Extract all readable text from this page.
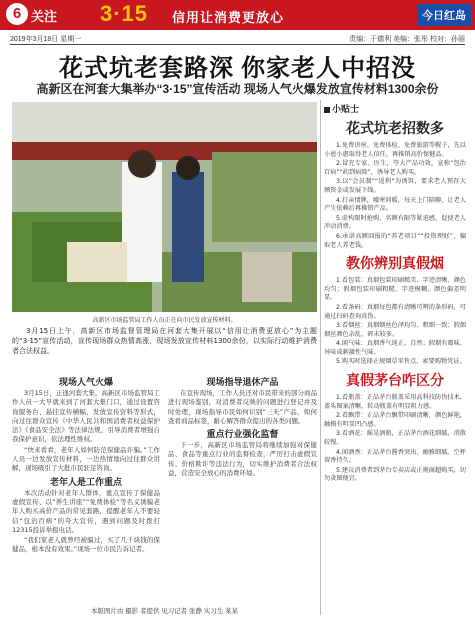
6 关注 3·15 信用让消费更放心	今日红岛
2019年3月18日 星期一	责编：于德利 美编：张彤 校对：孙丽
花式坑老套路深 你家老人中招没
高新区在河套大集举办“3·15”宣传活动 现场人气火爆发放宣传材料1300余份
高新区市场监管局工作人员正在向市民发放宣传材料。
3月15日上午，高新区市场监督管理局在河套大集开展以“信用让消费更放心”为主题的“3·15”宣传活动，宣传现场群众热情高涨，现场发放宣传材料1300余份，以实际行动维护消费者合法权益。

现场人气火爆

3月15日，正逢河套大集，高新区市场监管局工作人员一大早就来到了河套大集门口，通过设置咨询服务台、悬挂宣传横幅、发放宣传资料等形式，向过往群众宣传《中华人民共和国消费者权益保护法》《食品安全法》等法律法规，引导消费者增强自我保护意识，依法理性维权。

“快来看看，老年人如何防范保健品诈骗。”工作人员一边发放宣传材料，一边热情地向过往群众讲解，现场吸引了大批市民驻足咨询。

老年人是工作重点

本次活动针对老年人群体，重点宣传了保健品虚假宣传、以“养生讲座”“免费体检”等名义诱骗老年人购买高价产品的常见套路，提醒老年人不要轻信“包治百病”的夸大宣传，遇到问题及时拨打12315投诉举报电话。

“我们家老人就曾经被骗过，买了几千块钱的保健品，根本没有效果。”现场一位市民告诉记者。

现场指导退休产品

在宣传现场，工作人员还对市民带来的部分商品进行现场鉴别，对消费者反映的问题进行登记并及时处理，现场指导市民如何识别“三无”产品，如何查看商品标签，耐心解答群众提出的各类问题。

重点行业强化监督

下一步，高新区市场监管局将继续加强对保健品、食品等重点行业的监督检查，严厉打击虚假宣传、价格欺诈等违法行为，切实维护消费者合法权益，营造安全放心的消费环境。

本版图片由 摄影 者提供 见习记者 张静 实习生 某某
小贴士
花式坑老招数多

1.免费讲座、免费体检、免费旅游等幌子，先以小恩小惠取得老人信任，再推销高价保健品。

2.冒充专家、医生，夸大产品功效，宣称“包治百病”“药到病除”，诱导老人购买。

3.以“会员制”“返利”为诱饵，要求老人预存大额资金或发展下线。

4.打亲情牌，嘘寒问暖，每天上门陪聊，让老人产生依赖后再推销产品。

5.虚构限时抢购、名额有限等紧迫感，促使老人冲动消费。

6.承诺高额回报的“养老项目”“投资理财”，骗取老人养老钱。

教你辨别真假烟

1.看包装：真烟包装印刷精美、字迹清晰、颜色均匀；假烟包装印刷粗糙、字迹模糊、颜色偏差明显。

2.看条码：真烟每包都有清晰可辨的条形码，可通过扫码查询真伪。

3.看烟丝：真烟烟丝色泽均匀、粗细一致；假烟烟丝颜色杂乱、碎末较多。

4.闻气味：真烟香气纯正、自然；假烟有霉味、异味或刺激性气味。

5.购买时选择正规烟草零售点，索要购物凭证。

真假茅台咋区分

1.看瓶盖：正品茅台瓶盖采用高科技防伪技术，盖头图案清晰，转动瓶盖有明显阻力感。

2.看飘带：正品茅台飘带印刷清晰，颜色鲜艳，触摸有明显凹凸感。

3.看酒花：摇晃酒瓶，正品茅台酒花细腻，消散较慢。

4.闻酒香：正品茅台酱香突出、幽雅细腻、空杯留香持久。

5.建议消费者到茅台专卖店或正规商超购买，切勿贪图便宜。
